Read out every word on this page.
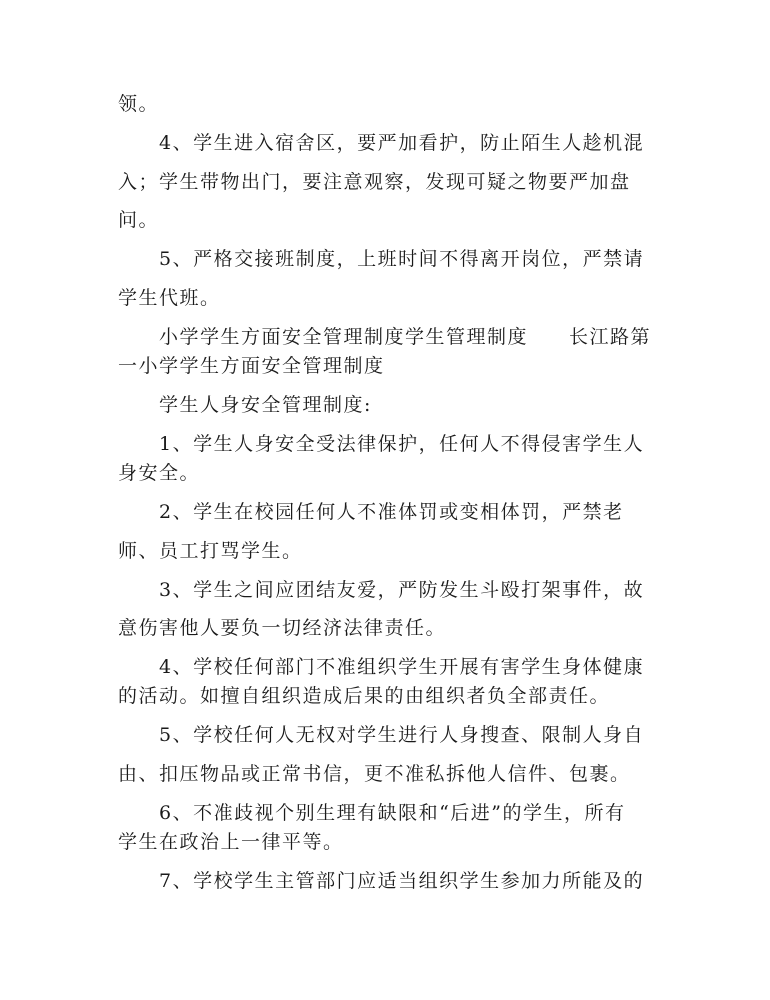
领。
4、学生进入宿舍区，要严加看护，防止陌生人趁机混
入；学生带物出门，要注意观察，发现可疑之物要严加盘
问。
5、严格交接班制度，上班时间不得离开岗位，严禁请
学生代班。
小学学生方面安全管理制度学生管理制度　　长江路第
一小学学生方面安全管理制度
学生人身安全管理制度:
1、学生人身安全受法律保护，任何人不得侵害学生人
身安全。
2、学生在校园任何人不准体罚或变相体罚，严禁老
师、员工打骂学生。
3、学生之间应团结友爱，严防发生斗殴打架事件，故
意伤害他人要负一切经济法律责任。
4、学校任何部门不准组织学生开展有害学生身体健康
的活动。如擅自组织造成后果的由组织者负全部责任。
5、学校任何人无权对学生进行人身搜查、限制人身自
由、扣压物品或正常书信，更不准私拆他人信件、包裹。
6、不准歧视个别生理有缺限和“后进”的学生，所有
学生在政治上一律平等。
7、学校学生主管部门应适当组织学生参加力所能及的
